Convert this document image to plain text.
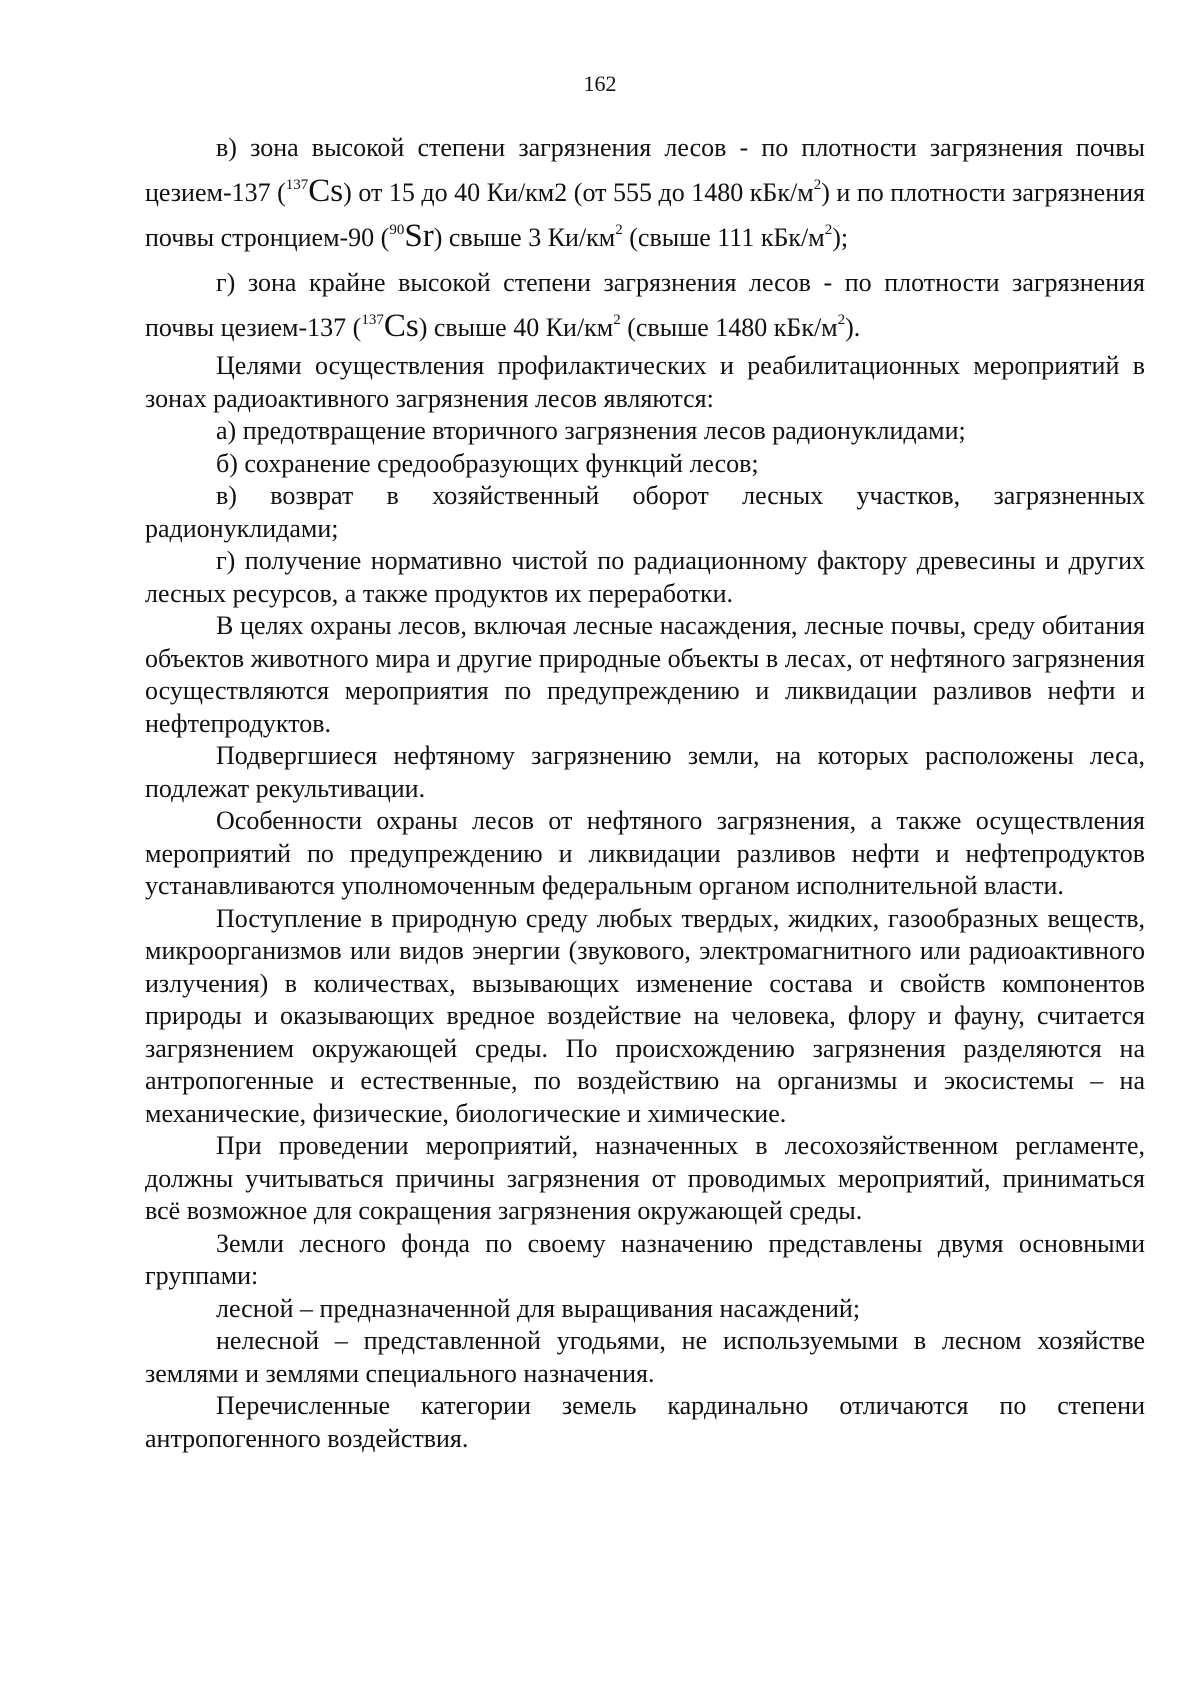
162

в) зона высокой степени загрязнения лесов - по плотности загрязнения почвы цезием-137 ($^{137}$Cs) от 15 до 40 Ки/км2 (от 555 до 1480 кБк/$м^2$) и по плотности загрязнения почвы стронцием-90 ($^{90}$Sr) свыше 3 $Ки/км^2$ (свыше 111 кБк/$м^2$);

г) зона крайне высокой степени загрязнения лесов - по плотности загрязнения почвы цезием-137 ($^{137}$Cs) свыше 40 $Ки/км^2$ (свыше 1480 кБк/$м^2$).

Целями осуществления профилактических и реабилитационных мероприятий в зонах радиоактивного загрязнения лесов являются:

а) предотвращение вторичного загрязнения лесов радионуклидами;

б) сохранение средообразующих функций лесов;

в) возврат в хозяйственный оборот лесных участков, загрязненных радионуклидами;

г) получение нормативно чистой по радиационному фактору древесины и других лесных ресурсов, а также продуктов их переработки.

В целях охраны лесов, включая лесные насаждения, лесные почвы, среду обитания объектов животного мира и другие природные объекты в лесах, от нефтяного загрязнения осуществляются мероприятия по предупреждению и ликвидации разливов нефти и нефтепродуктов.

Подвергшиеся нефтяному загрязнению земли, на которых расположены леса, подлежат рекультивации.

Особенности охраны лесов от нефтяного загрязнения, а также осуществления мероприятий по предупреждению и ликвидации разливов нефти и нефтепродуктов устанавливаются уполномоченным федеральным органом исполнительной власти.

Поступление в природную среду любых твердых, жидких, газообразных веществ, микроорганизмов или видов энергии (звукового, электромагнитного или радиоактивного излучения) в количествах, вызывающих изменение состава и свойств компонентов природы и оказывающих вредное воздействие на человека, флору и фауну, считается загрязнением окружающей среды. По происхождению загрязнения разделяются на антропогенные и естественные, по воздействию на организмы и экосистемы – на механические, физические, биологические и химические.

При проведении мероприятий, назначенных в лесохозяйственном регламенте, должны учитываться причины загрязнения от проводимых мероприятий, приниматься всё возможное для сокращения загрязнения окружающей среды.

Земли лесного фонда по своему назначению представлены двумя основными группами:

лесной – предназначенной для выращивания насаждений;

нелесной – представленной угодьями, не используемыми в лесном хозяйстве землями и землями специального назначения.

Перечисленные категории земель кардинально отличаются по степени антропогенного воздействия.
